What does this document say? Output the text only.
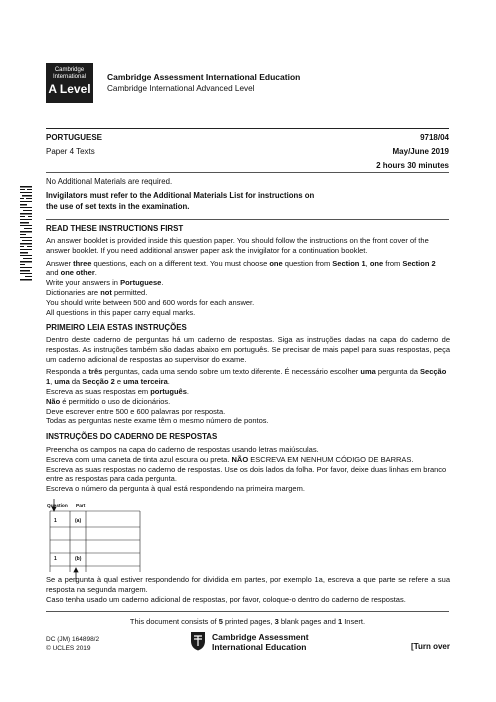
Cambridge
International
A Level
Cambridge Assessment International Education
Cambridge International Advanced Level
PORTUGUESE	9718/04
Paper 4 Texts	May/June 2019
2 hours 30 minutes
No Additional Materials are required.
Invigilators must refer to the Additional Materials List for instructions on
the use of set texts in the examination.
READ THESE INSTRUCTIONS FIRST

An answer booklet is provided inside this question paper. You should follow the instructions on the front cover of the answer booklet. If you need additional answer paper ask the invigilator for a continuation booklet.

Answer three questions, each on a different text. You must choose one question from Section 1, one from Section 2 and one other.

Write your answers in Portuguese.

Dictionaries are not permitted.

You should write between 500 and 600 words for each answer.

All questions in this paper carry equal marks.

PRIMEIRO LEIA ESTAS INSTRUÇÕES

Dentro deste caderno de perguntas há um caderno de respostas. Siga as instruções dadas na capa do caderno de respostas. As instruções também são dadas abaixo em português. Se precisar de mais papel para suas respostas, peça um caderno adicional de respostas ao supervisor do exame.

Responda a três perguntas, cada uma sendo sobre um texto diferente. É necessário escolher uma pergunta da Secção 1, uma da Secção 2 e uma terceira.

Escreva as suas respostas em português.

Não é permitido o uso de dicionários.

Deve escrever entre 500 e 600 palavras por resposta.

Todas as perguntas neste exame têm o mesmo número de pontos.

INSTRUÇÕES DO CADERNO DE RESPOSTAS

Preencha os campos na capa do caderno de respostas usando letras maiúsculas.

Escreva com uma caneta de tinta azul escura ou preta. NÃO ESCREVA EM NENHUM CÓDIGO DE BARRAS.

Escreva as suas respostas no caderno de respostas. Use os dois lados da folha. Por favor, deixe duas linhas em branco entre as respostas para cada pergunta.

Escreva o número da pergunta à qual está respondendo na primeira margem.

Question Part
1	(a)
1	(b)

Se a pergunta à qual estiver respondendo for dividida em partes, por exemplo 1a, escreva a que parte se refere a sua resposta na segunda margem.

Caso tenha usado um caderno adicional de respostas, por favor, coloque-o dentro do caderno de respostas.

This document consists of 5 printed pages, 3 blank pages and 1 Insert.
DC (JM) 164898/2
© UCLES 2019
Cambridge Assessment
International Education	[Turn over
